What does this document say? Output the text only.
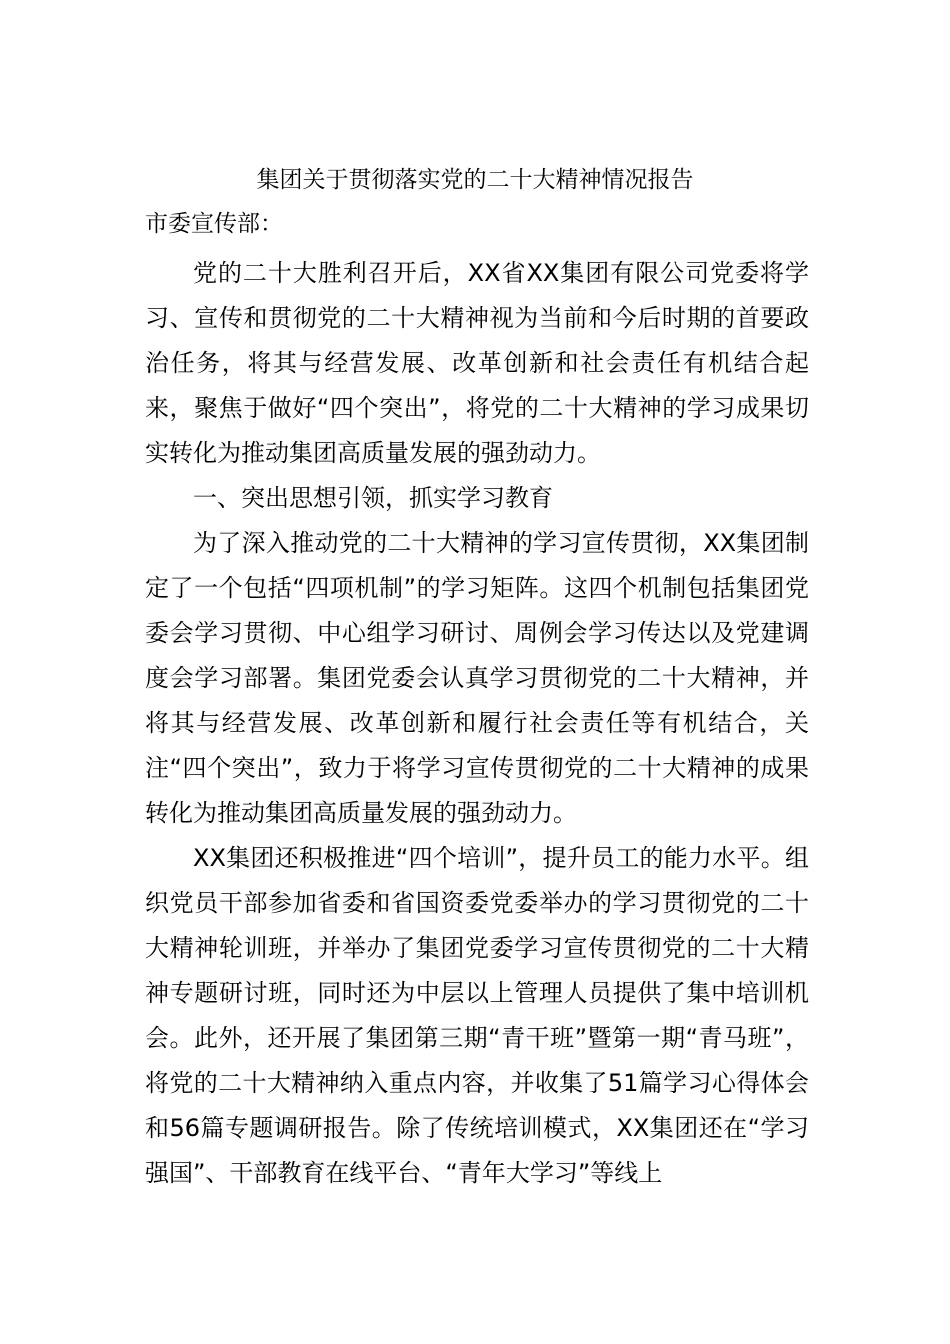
集团关于贯彻落实党的二十大精神情况报告

市委宣传部：

党的二十大胜利召开后，XX省XX集团有限公司党委将学习、宣传和贯彻党的二十大精神视为当前和今后时期的首要政治任务，将其与经营发展、改革创新和社会责任有机结合起来，聚焦于做好“四个突出”，将党的二十大精神的学习成果切实转化为推动集团高质量发展的强劲动力。

一、突出思想引领，抓实学习教育

为了深入推动党的二十大精神的学习宣传贯彻，XX集团制定了一个包括“四项机制”的学习矩阵。这四个机制包括集团党委会学习贯彻、中心组学习研讨、周例会学习传达以及党建调度会学习部署。集团党委会认真学习贯彻党的二十大精神，并将其与经营发展、改革创新和履行社会责任等有机结合，关注“四个突出”，致力于将学习宣传贯彻党的二十大精神的成果转化为推动集团高质量发展的强劲动力。

XX集团还积极推进“四个培训”，提升员工的能力水平。组织党员干部参加省委和省国资委党委举办的学习贯彻党的二十大精神轮训班，并举办了集团党委学习宣传贯彻党的二十大精神专题研讨班，同时还为中层以上管理人员提供了集中培训机会。此外，还开展了集团第三期“青干班”暨第一期“青马班”，将党的二十大精神纳入重点内容，并收集了51篇学习心得体会和56篇专题调研报告。除了传统培训模式，XX集团还在“学习强国”、干部教育在线平台、“青年大学习”等线上
